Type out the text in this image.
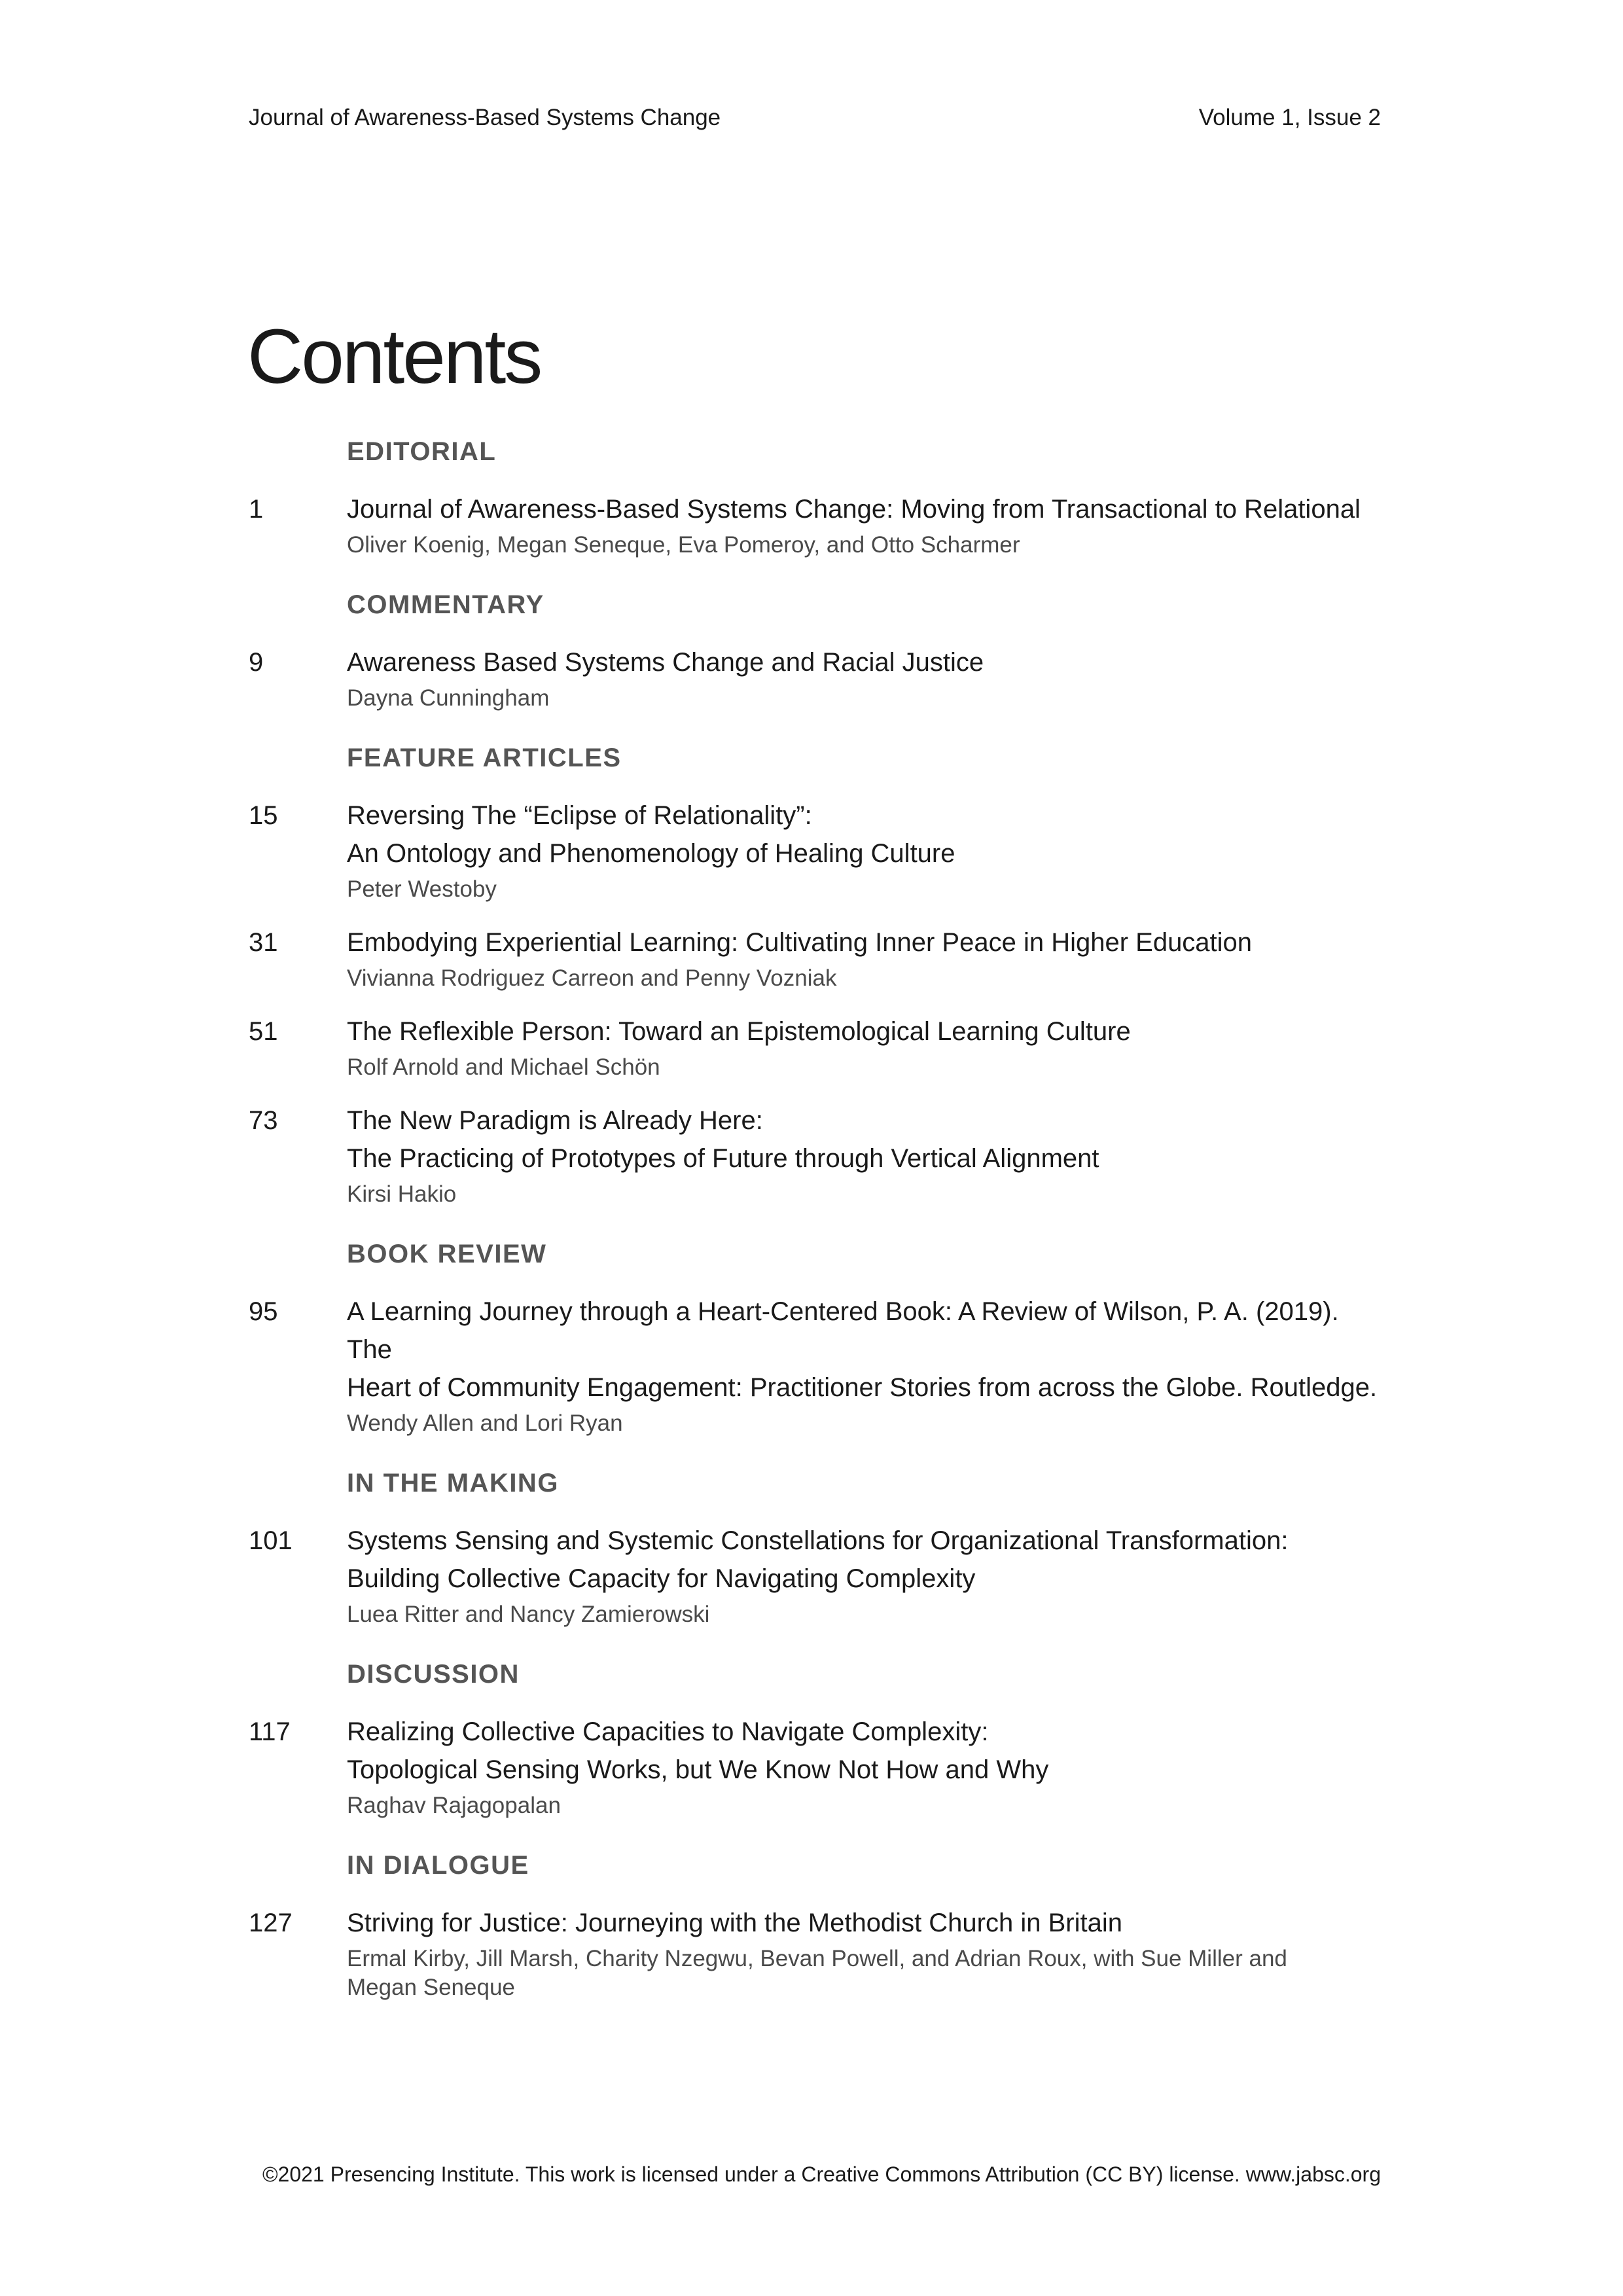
Journal of Awareness-Based Systems Change	Volume 1, Issue 2
Contents
EDITORIAL
1	Journal of Awareness-Based Systems Change: Moving from Transactional to Relational
Oliver Koenig, Megan Seneque, Eva Pomeroy, and Otto Scharmer
COMMENTARY
9	Awareness Based Systems Change and Racial Justice
Dayna Cunningham
FEATURE ARTICLES
15	Reversing The “Eclipse of Relationality”:
An Ontology and Phenomenology of Healing Culture
Peter Westoby
31	Embodying Experiential Learning: Cultivating Inner Peace in Higher Education
Vivianna Rodriguez Carreon and Penny Vozniak
51	The Reflexible Person: Toward an Epistemological Learning Culture
Rolf Arnold and Michael Schön
73	The New Paradigm is Already Here:
The Practicing of Prototypes of Future through Vertical Alignment
Kirsi Hakio
BOOK REVIEW
95	A Learning Journey through a Heart-Centered Book: A Review of Wilson, P. A. (2019). The
Heart of Community Engagement: Practitioner Stories from across the Globe. Routledge.
Wendy Allen and Lori Ryan
IN THE MAKING
101	Systems Sensing and Systemic Constellations for Organizational Transformation:
Building Collective Capacity for Navigating Complexity
Luea Ritter and Nancy Zamierowski
DISCUSSION
117	Realizing Collective Capacities to Navigate Complexity:
Topological Sensing Works, but We Know Not How and Why
Raghav Rajagopalan
IN DIALOGUE
127	Striving for Justice: Journeying with the Methodist Church in Britain
Ermal Kirby, Jill Marsh, Charity Nzegwu, Bevan Powell, and Adrian Roux, with Sue Miller and
Megan Seneque
©2021 Presencing Institute. This work is licensed under a Creative Commons Attribution (CC BY) license. www.jabsc.org
